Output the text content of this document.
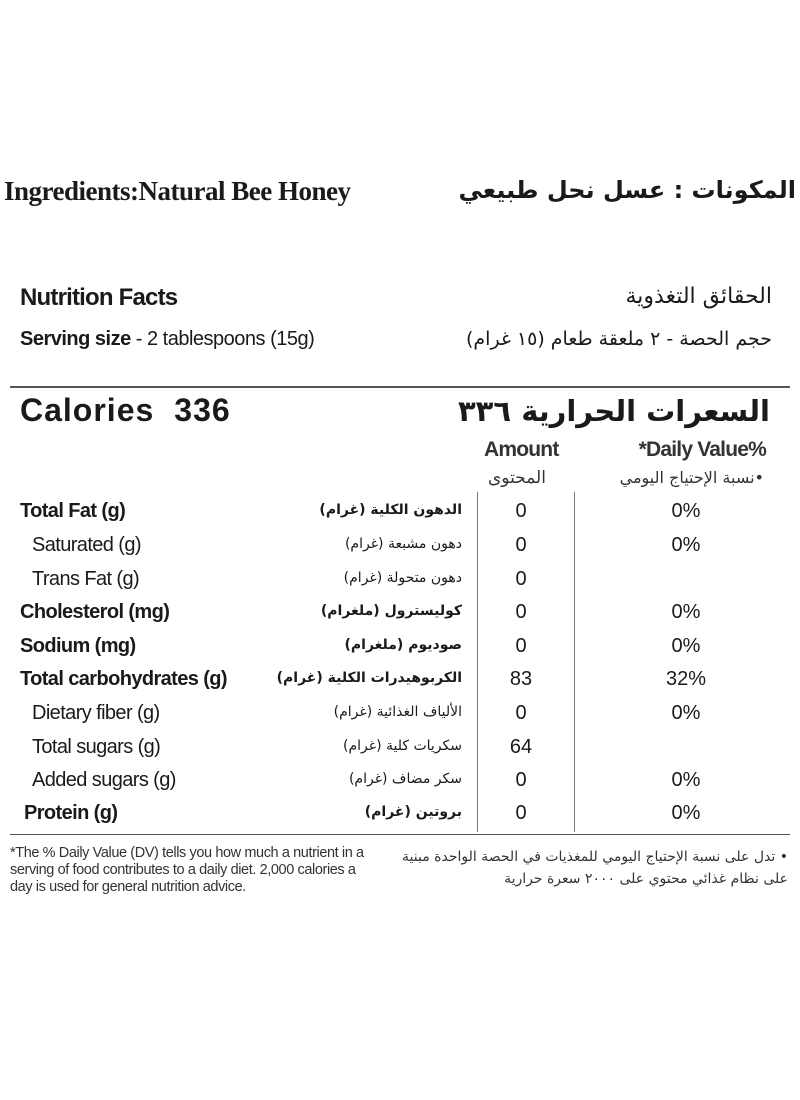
Ingredients:Natural Bee Honey	المكونات : عسل نحل طبيعي
Nutrition Facts	الحقائق التغذوية
Serving size - 2 tablespoons (15g)	حجم الحصة - ٢ ملعقة طعام (١٥ غرام)
Calories 336	السعرات الحرارية ٣٣٦
Amount
المحتوى
*Daily Value%
•نسبة الإحتياج اليومي
Total Fat (g)	الدهون الكلية (غرام)	0	0%
Saturated (g)	دهون مشبعة (غرام)	0	0%
Trans Fat (g)	دهون متحولة (غرام)	0
Cholesterol (mg)	كوليسترول (ملغرام)	0	0%
Sodium (mg)	صوديوم (ملغرام)	0	0%
Total carbohydrates (g)	الكربوهيدرات الكلية (غرام)	83	32%
Dietary fiber (g)	الألياف الغذائية (غرام)	0	0%
Total sugars (g)	سكريات كلية (غرام)	64
Added sugars (g)	سكر مضاف (غرام)	0	0%
Protein (g)	بروتين (غرام)	0	0%
*The % Daily Value (DV) tells you how much a nutrient in a serving of food contributes to a daily diet. 2,000 calories a day is used for general nutrition advice.
• تدل على نسبة الإحتياج اليومي للمغذيات في الحصة الواحدة مبنية على نظام غذائي محتوي على ٢٠٠٠ سعرة حرارية
